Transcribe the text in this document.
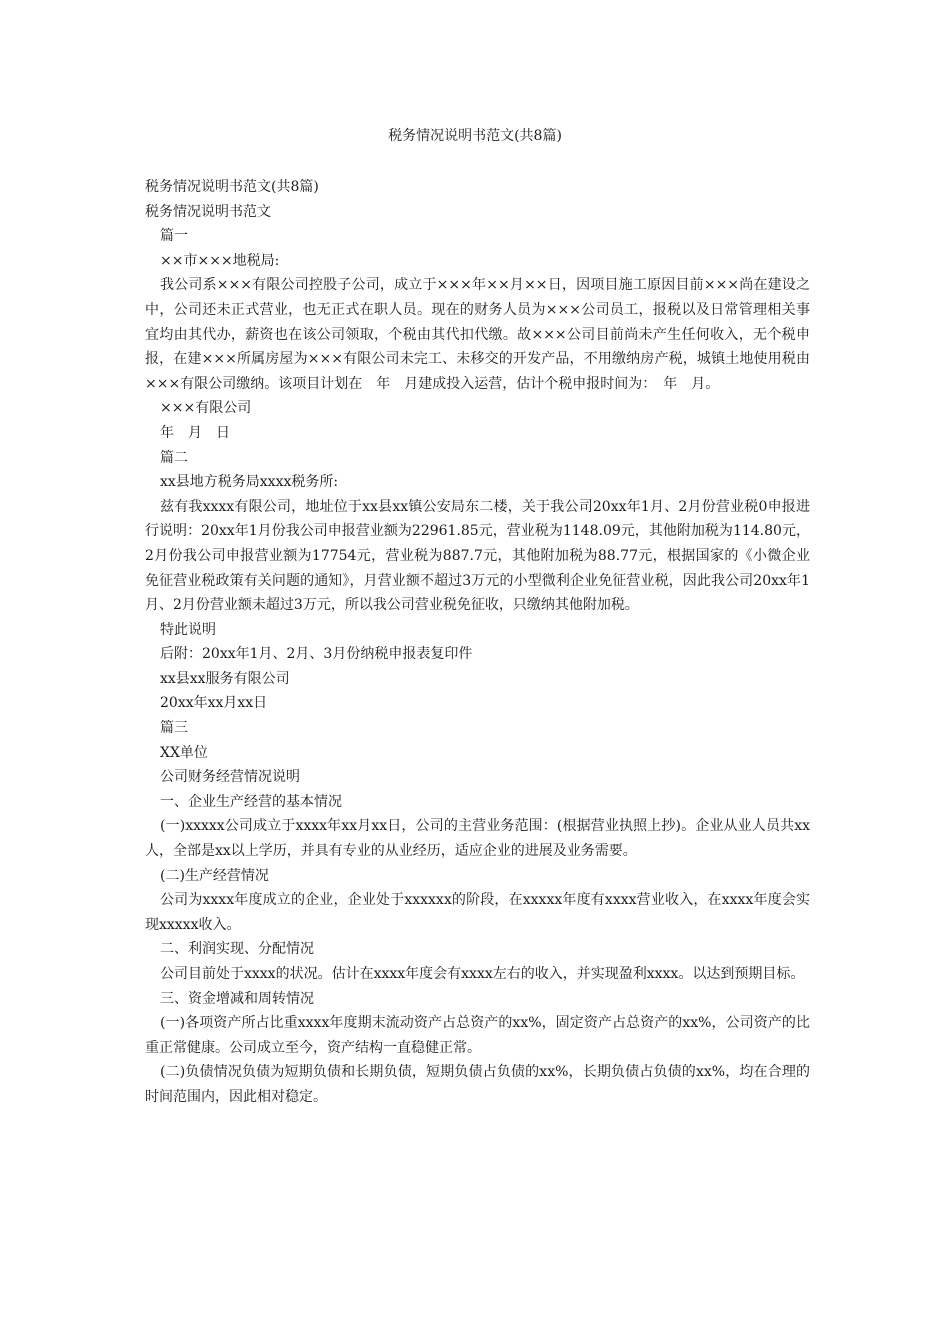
税务情况说明书范文(共8篇)

税务情况说明书范文(共8篇)

税务情况说明书范文

篇一

××市×××地税局:

我公司系×××有限公司控股子公司，成立于×××年××月××日，因项目施工原因目前×××尚在建设之中，公司还未正式营业，也无正式在职人员。现在的财务人员为×××公司员工，报税以及日常管理相关事宜均由其代办，薪资也在该公司领取，个税由其代扣代缴。故×××公司目前尚未产生任何收入，无个税申报，在建×××所属房屋为×××有限公司未完工、未移交的开发产品，不用缴纳房产税，城镇土地使用税由×××有限公司缴纳。该项目计划在　年　月建成投入运营，估计个税申报时间为：　年　月。

×××有限公司

年　月　日

篇二

xx县地方税务局xxxx税务所:

兹有我xxxx有限公司，地址位于xx县xx镇公安局东二楼，关于我公司20xx年1月、2月份营业税0申报进行说明：20xx年1月份我公司申报营业额为22961.85元，营业税为1148.09元，其他附加税为114.80元，2月份我公司申报营业额为17754元，营业税为887.7元，其他附加税为88.77元，根据国家的《小微企业免征营业税政策有关问题的通知》，月营业额不超过3万元的小型微利企业免征营业税，因此我公司20xx年1月、2月份营业额未超过3万元，所以我公司营业税免征收，只缴纳其他附加税。

特此说明

后附：20xx年1月、2月、3月份纳税申报表复印件

xx县xx服务有限公司

20xx年xx月xx日

篇三

XX单位

公司财务经营情况说明

一、企业生产经营的基本情况

(一)xxxxx公司成立于xxxx年xx月xx日，公司的主营业务范围：(根据营业执照上抄)。企业从业人员共xx人，全部是xx以上学历，并具有专业的从业经历，适应企业的进展及业务需要。

(二)生产经营情况

公司为xxxx年度成立的企业，企业处于xxxxxx的阶段，在xxxxx年度有xxxx营业收入，在xxxx年度会实现xxxxx收入。

二、利润实现、分配情况

公司目前处于xxxx的状况。估计在xxxx年度会有xxxx左右的收入，并实现盈利xxxx。以达到预期目标。

三、资金增减和周转情况

(一)各项资产所占比重xxxx年度期末流动资产占总资产的xx%，固定资产占总资产的xx%，公司资产的比重正常健康。公司成立至今，资产结构一直稳健正常。

(二)负债情况负债为短期负债和长期负债，短期负债占负债的xx%，长期负债占负债的xx%，均在合理的时间范围内，因此相对稳定。
